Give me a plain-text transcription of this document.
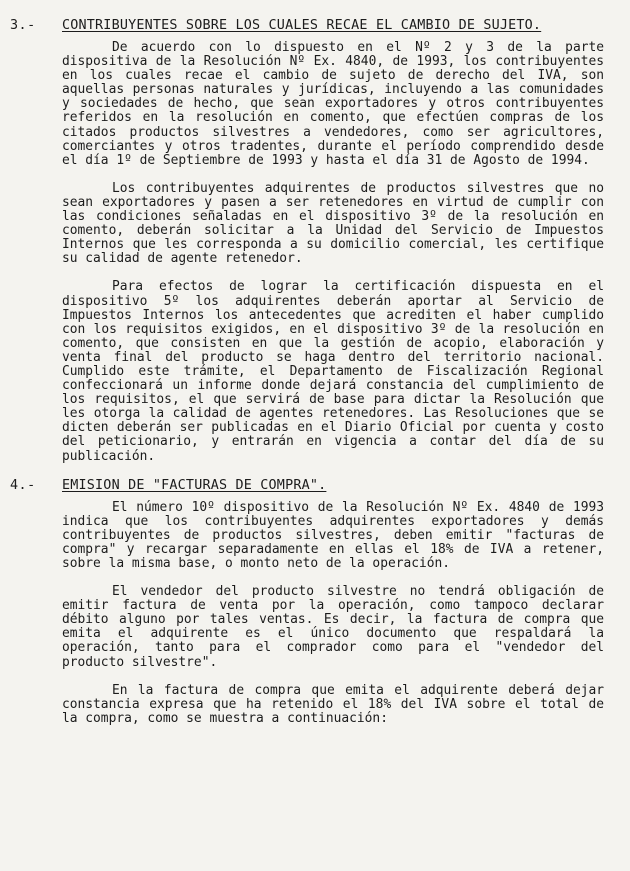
3.-	CONTRIBUYENTES SOBRE LOS CUALES RECAE EL CAMBIO DE SUJETO.

De acuerdo con lo dispuesto en el Nº 2 y 3 de la parte dispositiva de la Resolución Nº Ex. 4840, de 1993, los contribuyentes en los cuales recae el cambio de sujeto de derecho del IVA, son aquellas personas naturales y jurídicas, incluyendo a las comunidades y sociedades de hecho, que sean exportadores y otros contribuyentes referidos en la resolución en comento, que efectúen compras de los citados productos silvestres a vendedores, como ser agricultores, comerciantes y otros tradentes, durante el período comprendido desde el día 1º de Septiembre de 1993 y hasta el día 31 de Agosto de 1994.

Los contribuyentes adquirentes de productos silvestres que no sean exportadores y pasen a ser retenedores en virtud de cumplir con las condiciones señaladas en el dispositivo 3º de la resolución en comento, deberán solicitar a la Unidad del Servicio de Impuestos Internos que les corresponda a su domicilio comercial, les certifique su calidad de agente retenedor.

Para efectos de lograr la certificación dispuesta en el dispositivo 5º los adquirentes deberán aportar al Servicio de Impuestos Internos los antecedentes que acrediten el haber cumplido con los requisitos exigidos, en el dispositivo 3º de la resolución en comento, que consisten en que la gestión de acopio, elaboración y venta final del producto se haga dentro del territorio nacional. Cumplido este trámite, el Departamento de Fiscalización Regional confeccionará un informe donde dejará constancia del cumplimiento de los requisitos, el que servirá de base para dictar la Resolución que les otorga la calidad de agentes retenedores. Las Resoluciones que se dicten deberán ser publicadas en el Diario Oficial por cuenta y costo del peticionario, y entrarán en vigencia a contar del día de su publicación.

4.-	EMISION DE "FACTURAS DE COMPRA".

El número 10º dispositivo de la Resolución Nº Ex. 4840 de 1993 indica que los contribuyentes adquirentes exportadores y demás contribuyentes de productos silvestres, deben emitir "facturas de compra" y recargar separadamente en ellas el 18% de IVA a retener, sobre la misma base, o monto neto de la operación.

El vendedor del producto silvestre no tendrá obligación de emitir factura de venta por la operación, como tampoco declarar débito alguno por tales ventas. Es decir, la factura de compra que emita el adquirente es el único documento que respaldará la operación, tanto para el comprador como para el "vendedor del producto silvestre".

En la factura de compra que emita el adquirente deberá dejar constancia expresa que ha retenido el 18% del IVA sobre el total de la compra, como se muestra a continuación:
